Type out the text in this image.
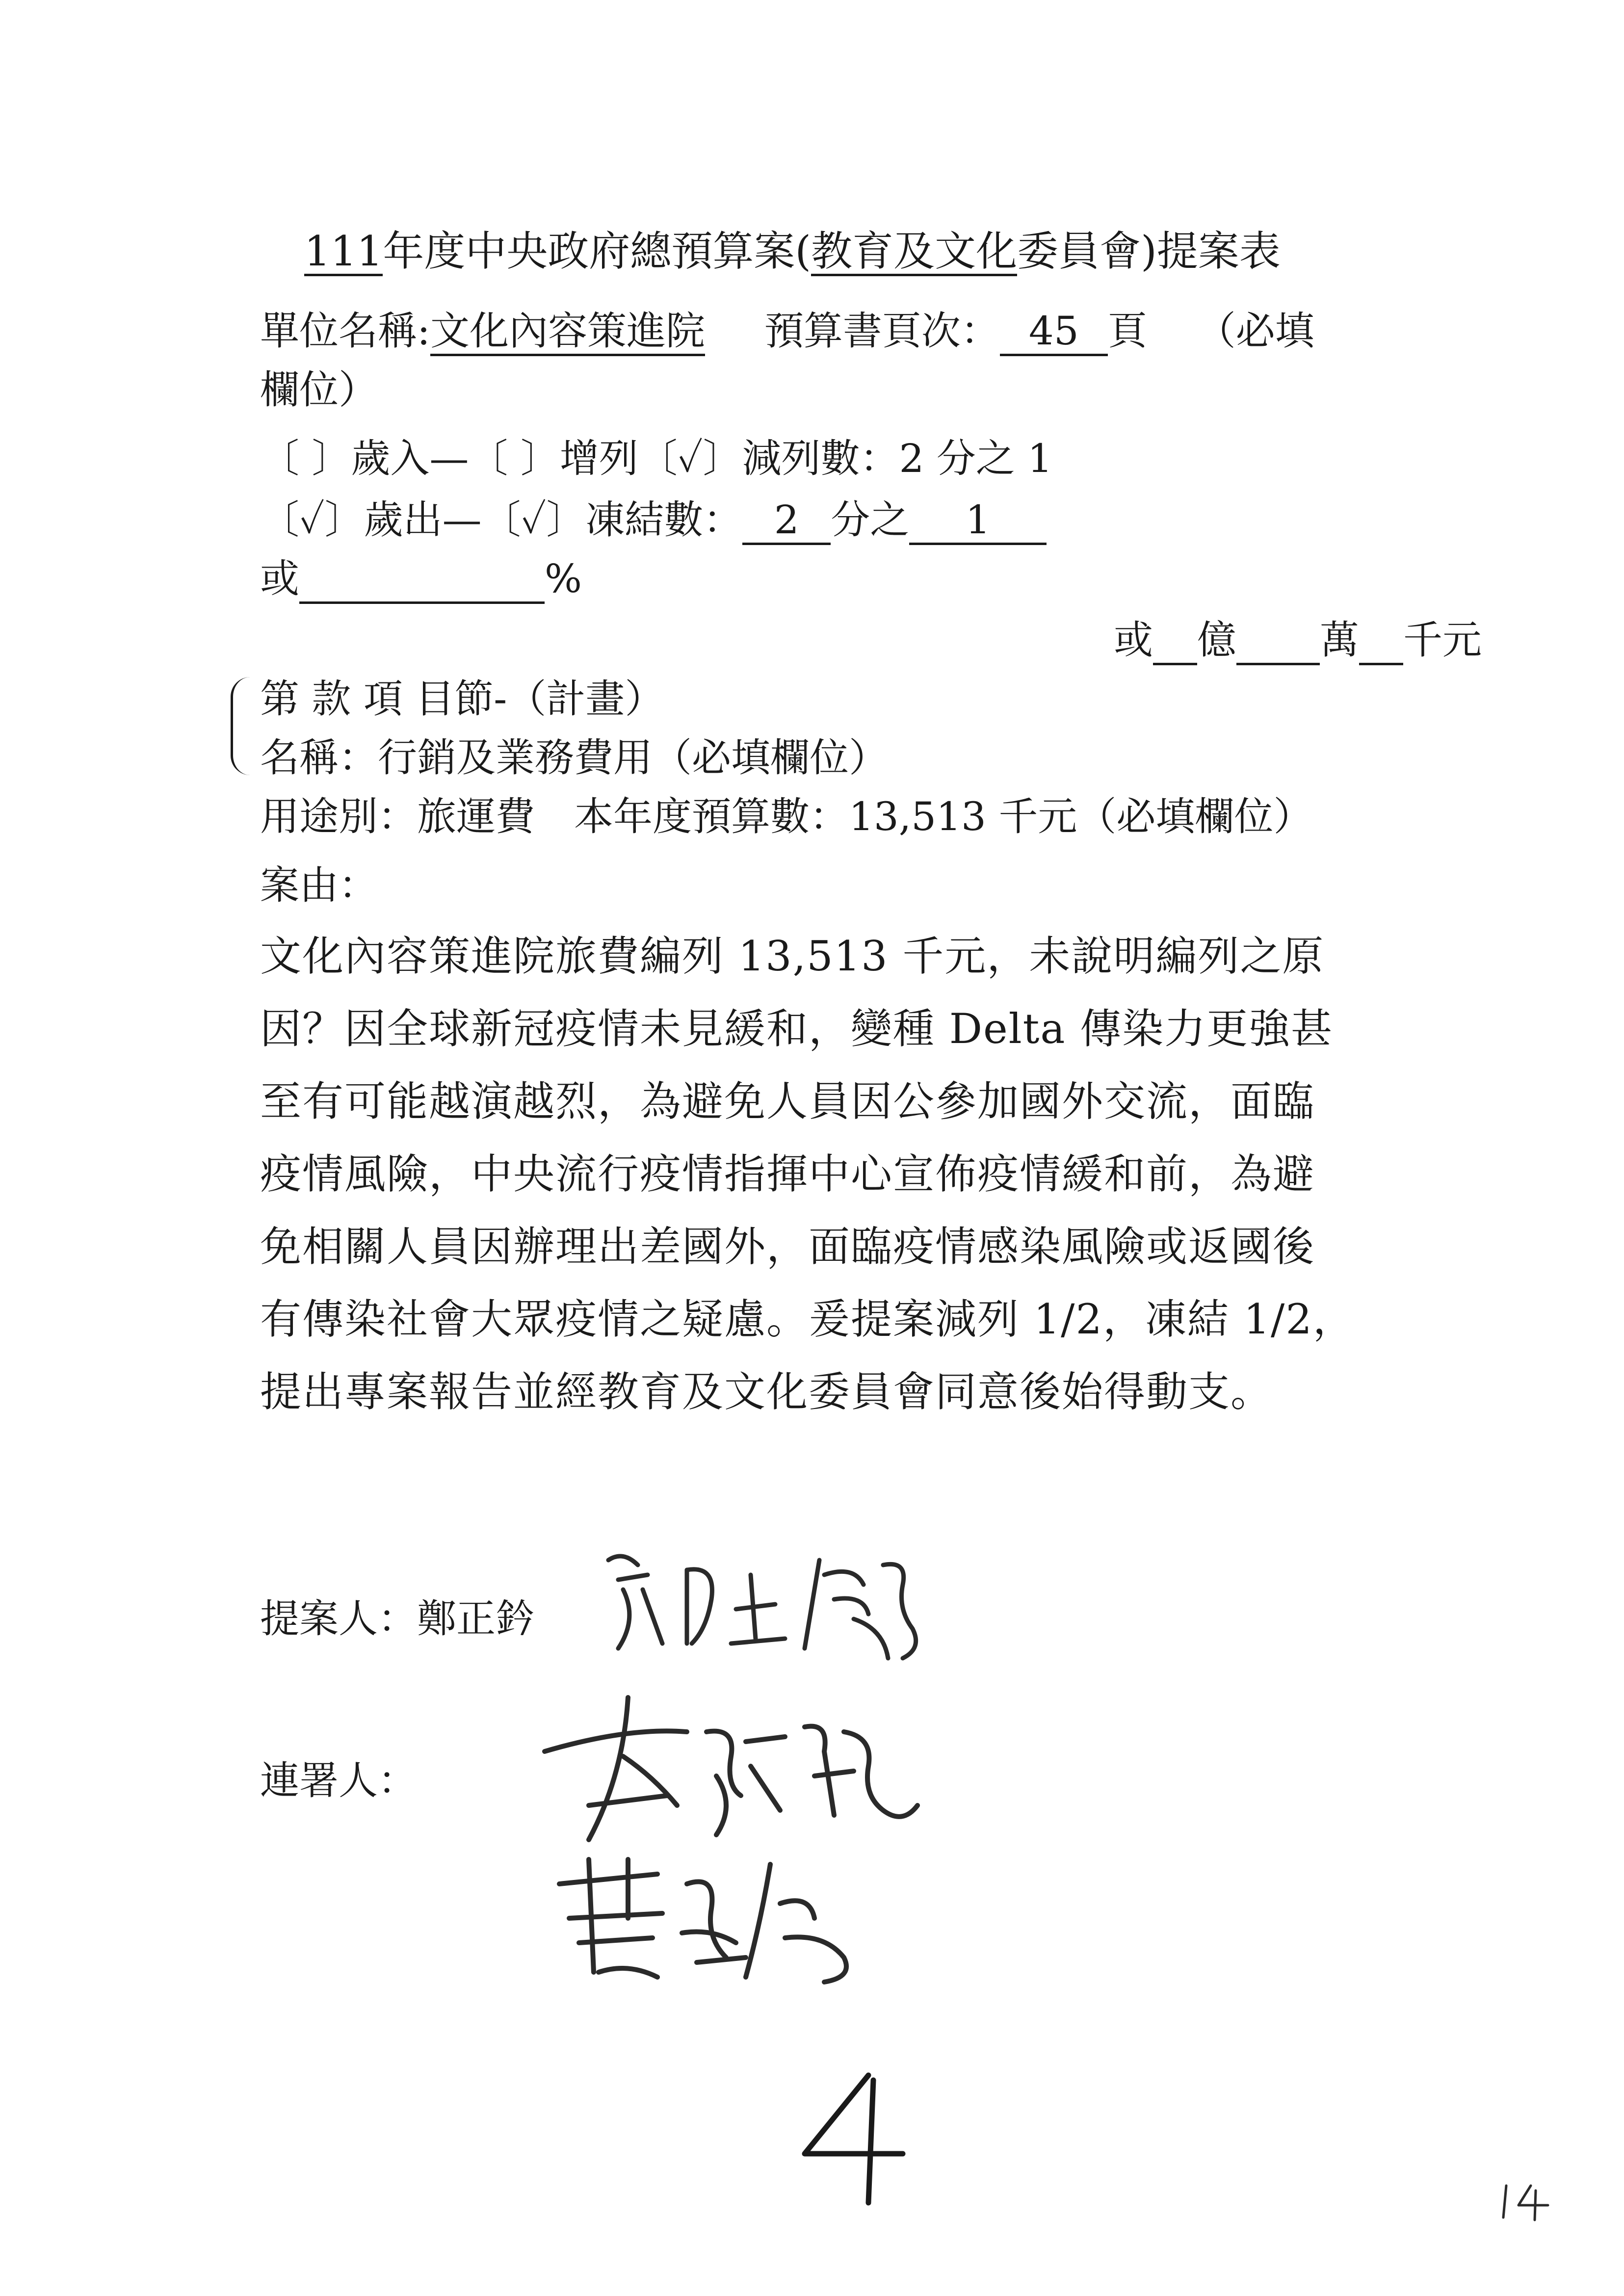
111年度中央政府總預算案(教育及文化委員會)提案表
單位名稱:文化內容策進院 預算書頁次： 45 頁 （必填
欄位）
〔 〕歲入—〔 〕增列〔✓〕減列數：2 分之 1
〔✓〕歲出—〔✓〕凍結數： 2 分之 1
或	%
或 億 萬 千元
第 款 項 目節-（計畫）
名稱：行銷及業務費用（必填欄位）
用途別：旅運費　本年度預算數：13,513 千元（必填欄位）
案由：

文化內容策進院旅費編列 13,513 千元，未說明編列之原

因？因全球新冠疫情未見緩和，變種 Delta 傳染力更強甚

至有可能越演越烈，為避免人員因公參加國外交流，面臨

疫情風險，中央流行疫情指揮中心宣佈疫情緩和前，為避

免相關人員因辦理出差國外，面臨疫情感染風險或返國後

有傳染社會大眾疫情之疑慮。爰提案減列 1/2，凍結 1/2，

提出專案報告並經教育及文化委員會同意後始得動支。

提案人：鄭正鈐
連署人：
